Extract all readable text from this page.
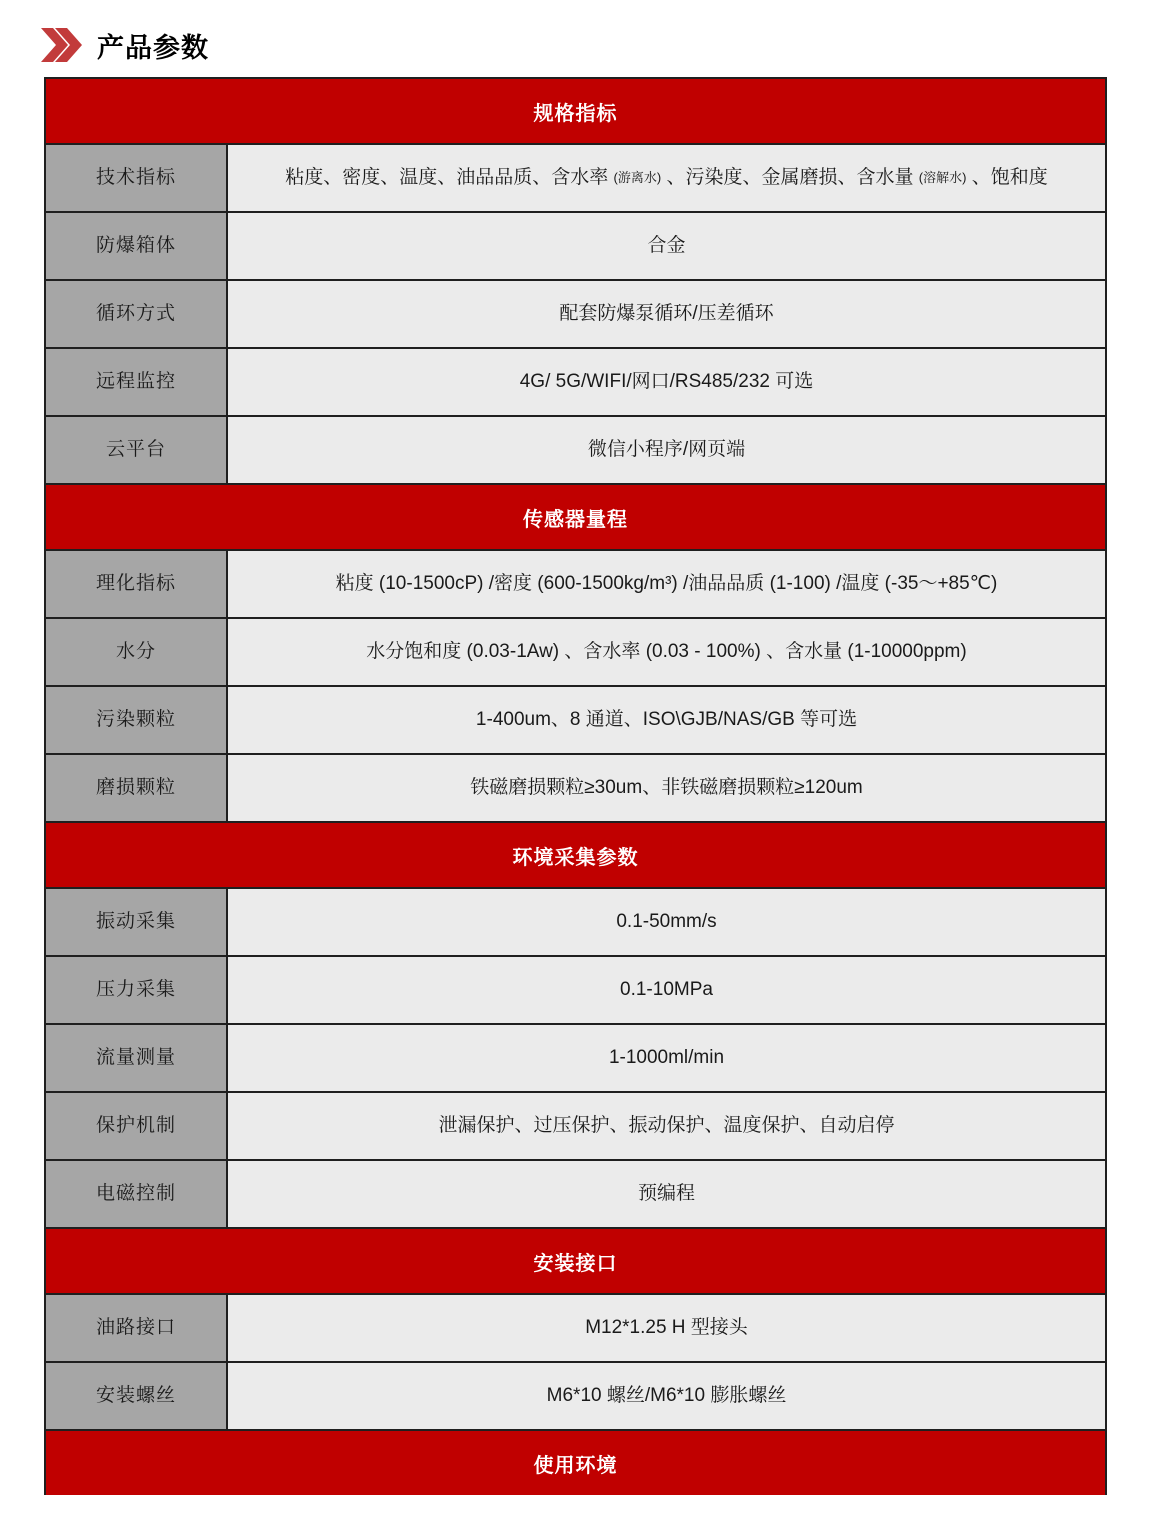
产品参数
规格指标
技术指标	粘度、密度、温度、油品品质、含水率 (游离水) 、污染度、金属磨损、含水量 (溶解水) 、饱和度
防爆箱体	合金
循环方式	配套防爆泵循环/压差循环
远程监控	4G/ 5G/WIFI/网口/RS485/232 可选
云平台	微信小程序/网页端
传感器量程
理化指标	粘度 (10-1500cP) /密度 (600-1500kg/m³) /油品品质 (1-100) /温度 (-35～+85℃)
水分	水分饱和度 (0.03-1Aw) 、含水率 (0.03 - 100%) 、含水量 (1-10000ppm)
污染颗粒	1-400um、8 通道、ISO\GJB/NAS/GB 等可选
磨损颗粒	铁磁磨损颗粒≥30um、非铁磁磨损颗粒≥120um
环境采集参数
振动采集	0.1-50mm/s
压力采集	0.1-10MPa
流量测量	1-1000ml/min
保护机制	泄漏保护、过压保护、振动保护、温度保护、自动启停
电磁控制	预编程
安装接口
油路接口	M12*1.25 H 型接头
安装螺丝	M6*10 螺丝/M6*10 膨胀螺丝
使用环境
